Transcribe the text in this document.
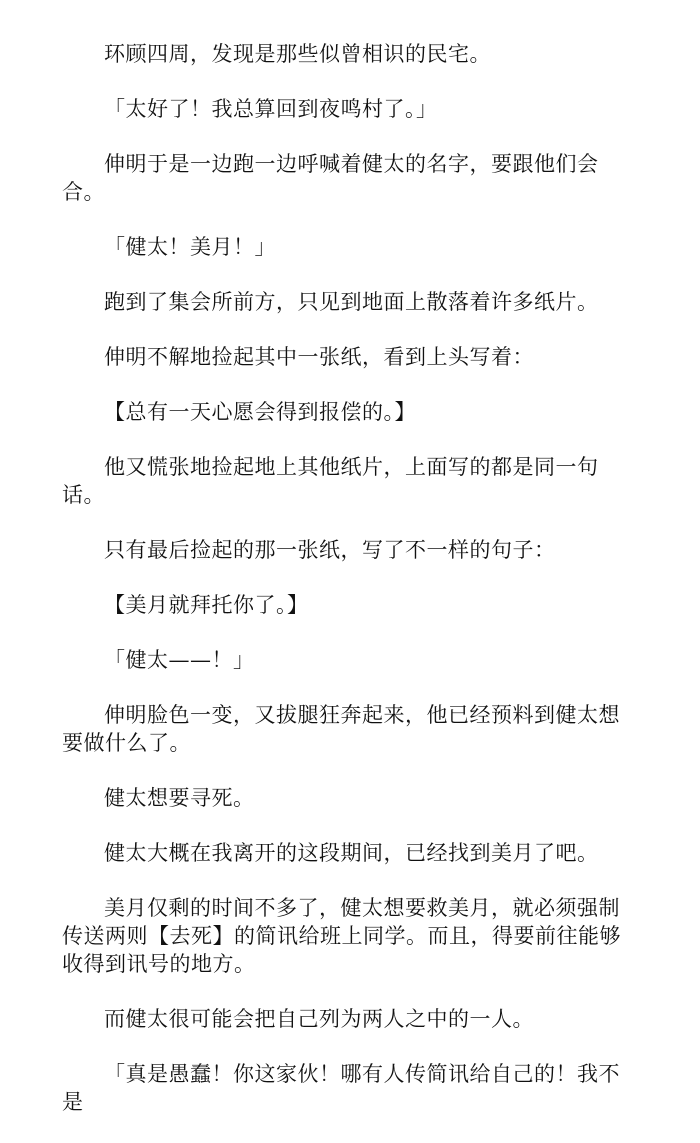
环顾四周，发现是那些似曾相识的民宅。

「太好了！我总算回到夜鸣村了。」

伸明于是一边跑一边呼喊着健太的名字，要跟他们会合。

「健太！美月！」

跑到了集会所前方，只见到地面上散落着许多纸片。

伸明不解地捡起其中一张纸，看到上头写着：

【总有一天心愿会得到报偿的。】

他又慌张地捡起地上其他纸片，上面写的都是同一句话。

只有最后捡起的那一张纸，写了不一样的句子：

【美月就拜托你了。】

「健太——！」

伸明脸色一变，又拔腿狂奔起来，他已经预料到健太想要做什么了。

健太想要寻死。

健太大概在我离开的这段期间，已经找到美月了吧。

美月仅剩的时间不多了，健太想要救美月，就必须强制传送两则【去死】的简讯给班上同学。而且，得要前往能够收得到讯号的地方。

而健太很可能会把自己列为两人之中的一人。

「真是愚蠢！你这家伙！哪有人传简讯给自己的！我不是
